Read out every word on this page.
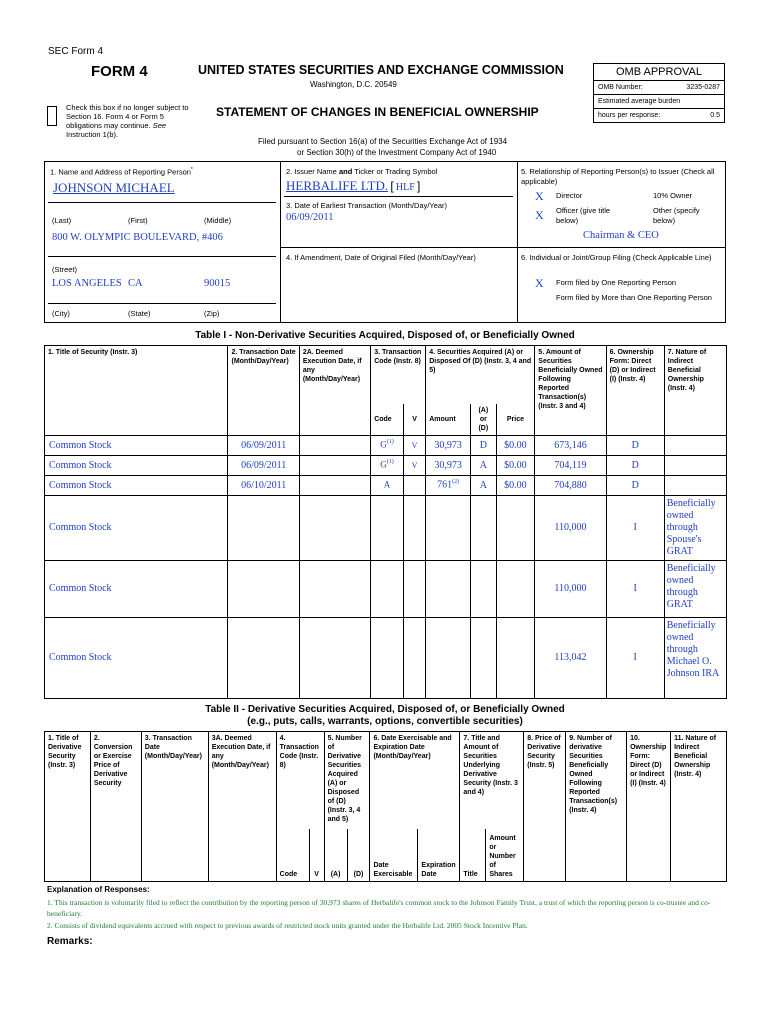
SEC Form 4
FORM 4	UNITED STATES SECURITIES AND EXCHANGE COMMISSION
Washington, D.C. 20549
Check this box if no longer subject to Section 16. Form 4 or Form 5 obligations may continue. See Instruction 1(b).
STATEMENT OF CHANGES IN BENEFICIAL OWNERSHIP
Filed pursuant to Section 16(a) of the Securities Exchange Act of 1934
or Section 30(h) of the Investment Company Act of 1940
OMB APPROVAL
OMB Number:	3235-0287
Estimated average burden
hours per response:	0.5
1. Name and Address of Reporting Person*
JOHNSON MICHAEL
(Last)	(First)	(Middle)
800 W. OLYMPIC BOULEVARD, #406
(Street)
LOS ANGELES CA	90015
(City)	(State)	(Zip)
2. Issuer Name and Ticker or Trading Symbol
HERBALIFE LTD. [ HLF ]
3. Date of Earliest Transaction (Month/Day/Year)
06/09/2011
4. If Amendment, Date of Original Filed (Month/Day/Year)
5. Relationship of Reporting Person(s) to Issuer (Check all applicable)
X Director	10% Owner
X Officer (give title below)
Other (specify below)
Chairman & CEO
6. Individual or Joint/Group Filing (Check Applicable Line)
X Form filed by One Reporting Person
Form filed by More than One Reporting Person
Table I - Non-Derivative Securities Acquired, Disposed of, or Beneficially Owned
1. Title of Security (Instr. 3)	2. Transaction Date (Month/Day/Year)	2A. Deemed Execution Date, if any (Month/Day/Year)	3. Transaction Code (Instr. 8)		4. Securities Acquired (A) or Disposed Of (D) (Instr. 3, 4 and 5)			5. Amount of Securities Beneficially Owned Following Reported Transaction(s) (Instr. 3 and 4)	6. Ownership Form: Direct (D) or Indirect (I) (Instr. 4)	7. Nature of Indirect Beneficial Ownership (Instr. 4)
			Code	V	Amount	(A) or (D)	Price			
Common Stock	06/09/2011		$G^{(1)}$	V	30,973	D	$0.00	673,146	D	
Common Stock	06/09/2011		$G^{(1)}$	V	30,973	A	$0.00	704,119	D	
Common Stock	06/10/2011		A		761$^{(2)}$	A	$0.00	704,880	D	
Common Stock								110,000	I	Beneficially owned through Spouse's GRAT
Common Stock								110,000	I	Beneficially owned through GRAT
Common Stock								113,042	I	Beneficially owned through Michael O. Johnson IRA
Table II - Derivative Securities Acquired, Disposed of, or Beneficially Owned
(e.g., puts, calls, warrants, options, convertible securities)
1. Title of Derivative Security (Instr. 3)	2. Conversion or Exercise Price of Derivative Security	3. Transaction Date (Month/Day/Year)	3A. Deemed Execution Date, if any (Month/Day/Year)	4. Transaction Code (Instr. 8)		5. Number of Derivative Securities Acquired (A) or Disposed of (D) (Instr. 3, 4 and 5)		6. Date Exercisable and Expiration Date (Month/Day/Year)		7. Title and Amount of Securities Underlying Derivative Security (Instr. 3 and 4)		8. Price of Derivative Security (Instr. 5)	9. Number of derivative Securities Beneficially Owned Following Reported Transaction(s) (Instr. 4)	10. Ownership Form: Direct (D) or Indirect (I) (Instr. 4)	11. Nature of Indirect Beneficial Ownership (Instr. 4)
				Code	V	(A)	(D)	Date Exercisable	Expiration Date	Title	Amount or Number of Shares				
Explanation of Responses:
1. This transaction is voluntarily filed to reflect the contribution by the reporting person of 30,973 shares of Herbalife's common stock to the Johnson Family Trust, a trust of which the reporting person is co-trustee and co-beneficiary.
2. Consists of dividend equivalents accrued with respect to previous awards of restricted stock units granted under the Herbalife Ltd. 2005 Stock Incentive Plan.
Remarks:
